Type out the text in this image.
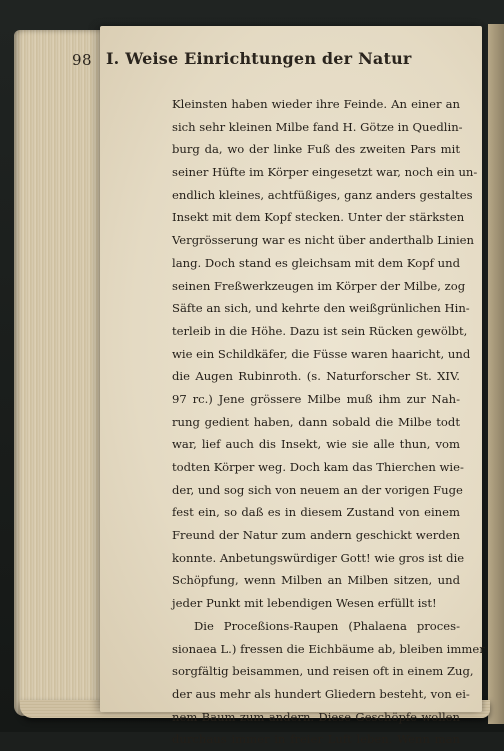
98 I. Weise Einrichtungen der Natur
Kleinsten haben wieder ihre Feinde. An einer an
sich sehr kleinen Milbe fand H. Götze in Quedlin-
burg da, wo der linke Fuß des zweiten Pars mit
seiner Hüfte im Körper eingesetzt war, noch ein un-
endlich kleines, achtfüßiges, ganz anders gestaltes
Insekt mit dem Kopf stecken. Unter der stärksten
Vergrösserung war es nicht über anderthalb Linien
lang. Doch stand es gleichsam mit dem Kopf und
seinen Freßwerkzeugen im Körper der Milbe, zog
Säfte an sich, und kehrte den weißgrünlichen Hin-
terleib in die Höhe. Dazu ist sein Rücken gewölbt,
wie ein Schildkäfer, die Füsse waren haaricht, und
die Augen Rubinroth. (s. Naturforscher St. XIV.
97 rc.) Jene grössere Milbe muß ihm zur Nah-
rung gedient haben, dann sobald die Milbe todt
war, lief auch dis Insekt, wie sie alle thun, vom
todten Körper weg. Doch kam das Thierchen wie-
der, und sog sich von neuem an der vorigen Fuge
fest ein, so daß es in diesem Zustand von einem
Freund der Natur zum andern geschickt werden
konnte. Anbetungswürdiger Gott! wie gros ist die
Schöpfung, wenn Milben an Milben sitzen, und
jeder Punkt mit lebendigen Wesen erfüllt ist!
Die Proceßions-Raupen (Phalaena proces-
sionaea L.) fressen die Eichbäume ab, bleiben immer
sorgfältig beisammen, und reisen oft in einem Zug,
der aus mehr als hundert Gliedern besteht, von ei-
nem Baum zum andern. Diese Geschöpfe wollen
durchaus immer in freier Luft leben. Wenn man
